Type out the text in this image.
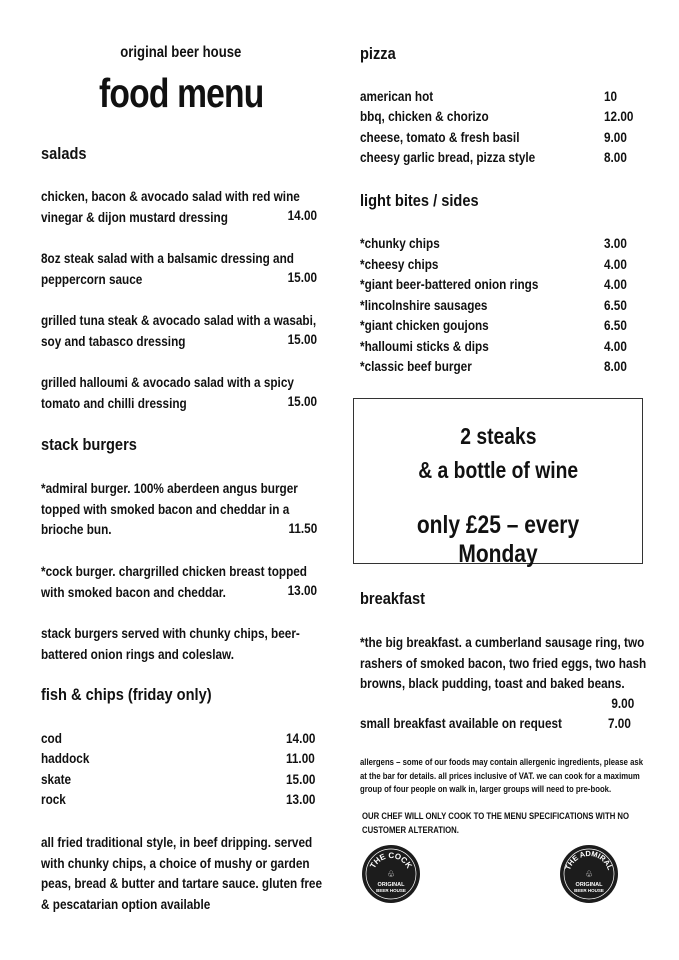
original beer house
food menu
salads
chicken, bacon & avocado salad with red wine
vinegar & dijon mustard dressing	14.00
8oz steak salad with a balsamic dressing and
peppercorn sauce	15.00
grilled tuna steak & avocado salad with a wasabi,
soy and tabasco dressing	15.00
grilled halloumi & avocado salad with a spicy
tomato and chilli dressing	15.00
stack burgers
*admiral burger. 100% aberdeen angus burger
topped with smoked bacon and cheddar in a
brioche bun.	11.50
*cock burger. chargrilled chicken breast topped
with smoked bacon and cheddar.	13.00
stack burgers served with chunky chips, beer-
battered onion rings and coleslaw.
fish & chips (friday only)
cod	14.00
haddock	11.00
skate	15.00
rock	13.00
all fried traditional style, in beef dripping. served
with chunky chips, a choice of mushy or garden
peas, bread & butter and tartare sauce. gluten free
& pescatarian option available
pizza
american hot	10
bbq, chicken & chorizo	12.00
cheese, tomato & fresh basil	9.00
cheesy garlic bread, pizza style	8.00
light bites / sides
*chunky chips	3.00
*cheesy chips	4.00
*giant beer-battered onion rings	4.00
*lincolnshire sausages	6.50
*giant chicken goujons	6.50
*halloumi sticks & dips	4.00
*classic beef burger	8.00
2 steaks
& a bottle of wine
only £25 – every Monday
breakfast
*the big breakfast. a cumberland sausage ring, two
rashers of smoked bacon, two fried eggs, two hash
browns, black pudding, toast and baked beans.
9.00
small breakfast available on request	7.00
allergens – some of our foods may contain allergenic ingredients, please ask
at the bar for details. all prices inclusive of VAT. we can cook for a maximum
group of four people on walk in, larger groups will need to pre-book.
OUR CHEF WILL ONLY COOK TO THE MENU SPECIFICATIONS WITH NO
CUSTOMER ALTERATION.
THE COCK
♧
ORIGINAL
BEER HOUSE
THE ADMIRAL
♧
ORIGINAL
BEER HOUSE
